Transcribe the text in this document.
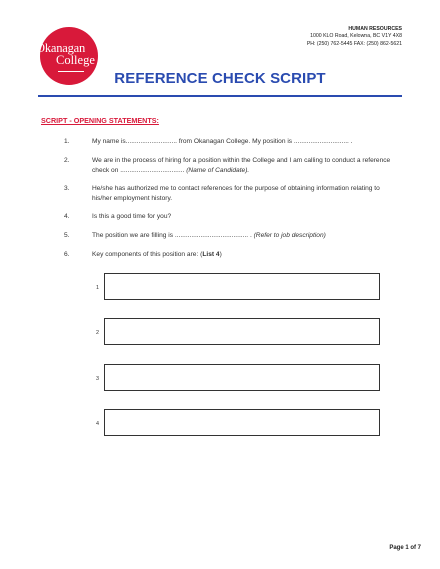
Okanagan
College
HUMAN RESOURCES
1000 KLO Road, Kelowna, BC V1Y 4X8
PH: (250) 762-5445 FAX: (250) 862-5621
REFERENCE CHECK SCRIPT
SCRIPT - OPENING STATEMENTS:
1.	My name is............................ from Okanagan College. My position is .............................. .
2.	We are in the process of hiring for a position within the College and I am calling to conduct a reference check on ................................... (Name of Candidate).
3.	He/she has authorized me to contact references for the purpose of obtaining information relating to his/her employment history.
4.	Is this a good time for you?
5.	The position we are filling is ........................................ . (Refer to job description)
6.	Key components of this position are: (List 4)
1
2
3
4
Page 1 of 7
